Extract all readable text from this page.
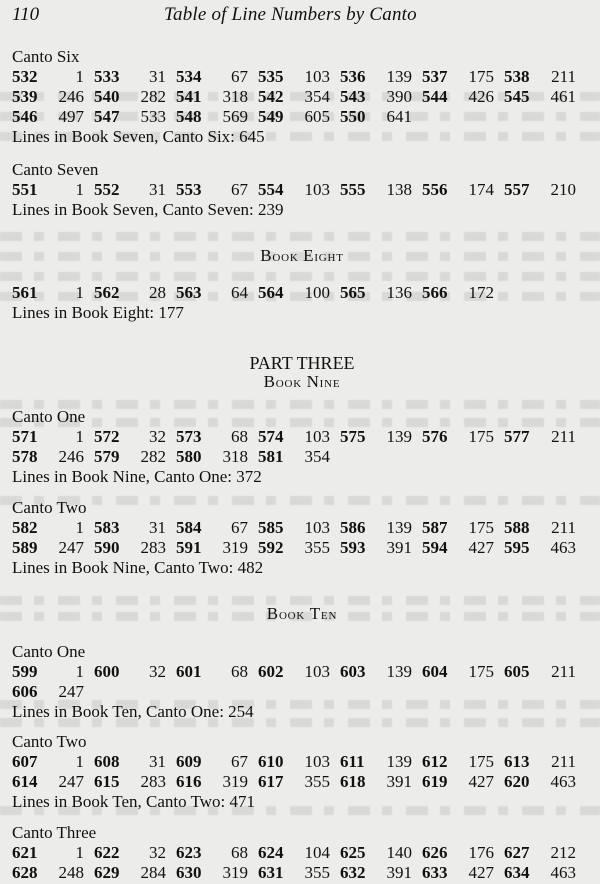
110	Table of Line Numbers by Canto
Canto Six
532	1 533	31 534	67 535	103 536	139 537	175 538	211
539	246 540	282 541	318 542	354 543	390 544	426 545	461
546	497 547	533 548	569 549	605 550	641
Lines in Book Seven, Canto Six: 645
Canto Seven
551	1 552	31 553	67 554	103 555	138 556	174 557	210
Lines in Book Seven, Canto Seven: 239
Book Eight
561	1 562	28 563	64 564	100 565	136 566	172
Lines in Book Eight: 177
PART THREE
Book Nine
Canto One
571	1 572	32 573	68 574	103 575	139 576	175 577	211
578	246 579	282 580	318 581	354
Lines in Book Nine, Canto One: 372
Canto Two
582	1 583	31 584	67 585	103 586	139 587	175 588	211
589	247 590	283 591	319 592	355 593	391 594	427 595	463
Lines in Book Nine, Canto Two: 482
Book Ten
Canto One
599	1 600	32 601	68 602	103 603	139 604	175 605	211
606	247
Lines in Book Ten, Canto One: 254
Canto Two
607	1 608	31 609	67 610	103 611	139 612	175 613	211
614	247 615	283 616	319 617	355 618	391 619	427 620	463
Lines in Book Ten, Canto Two: 471
Canto Three
621	1 622	32 623	68 624	104 625	140 626	176 627	212
628	248 629	284 630	319 631	355 632	391 633	427 634	463
